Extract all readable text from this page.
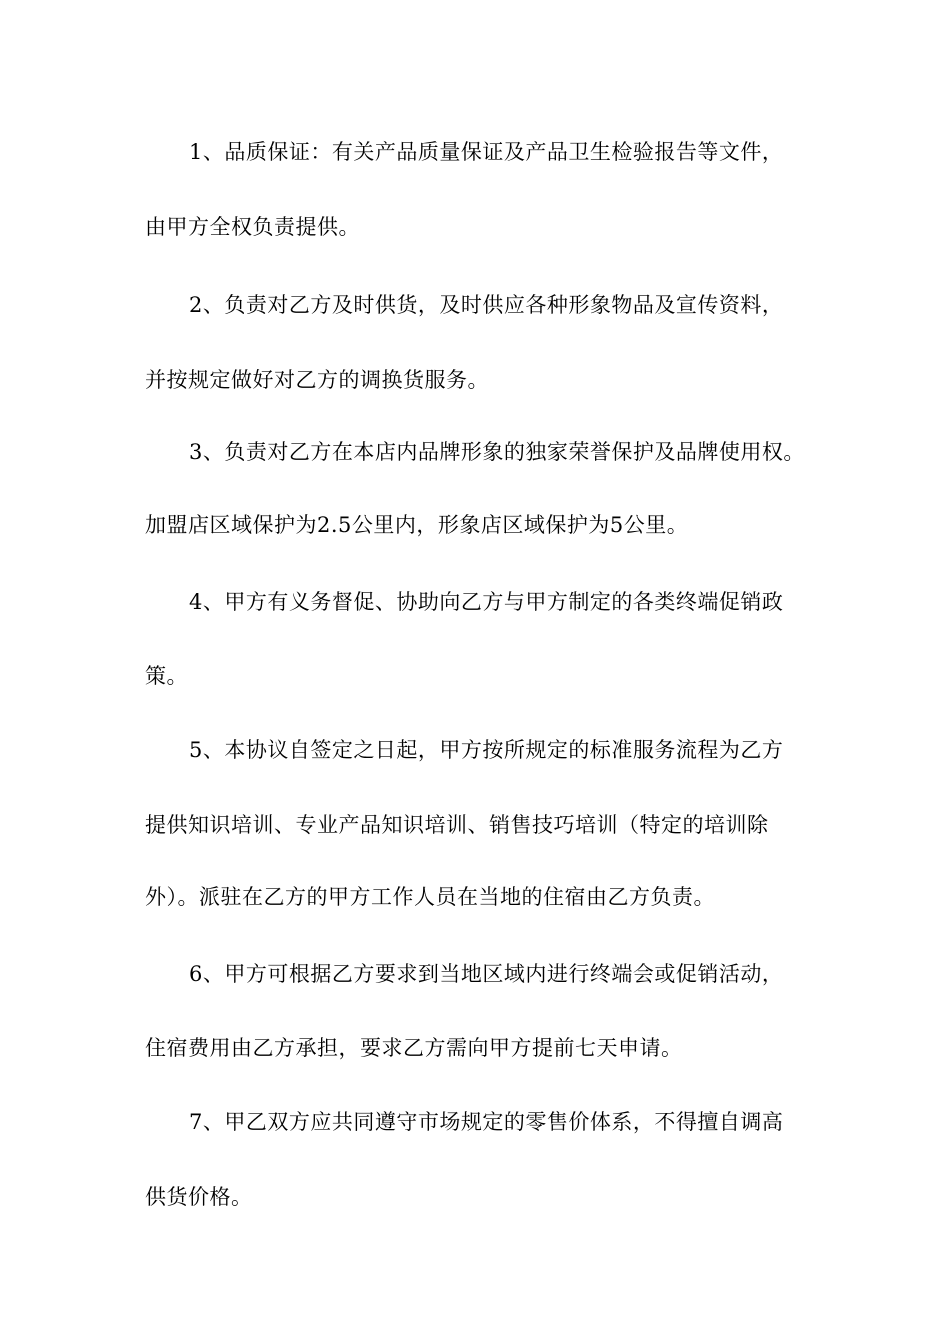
1、品质保证：有关产品质量保证及产品卫生检验报告等文件，
由甲方全权负责提供。
2、负责对乙方及时供货，及时供应各种形象物品及宣传资料，
并按规定做好对乙方的调换货服务。
3、负责对乙方在本店内品牌形象的独家荣誉保护及品牌使用权。
加盟店区域保护为2.5公里内，形象店区域保护为5公里。
4、甲方有义务督促、协助向乙方与甲方制定的各类终端促销政
策。
5、本协议自签定之日起，甲方按所规定的标准服务流程为乙方
提供知识培训、专业产品知识培训、销售技巧培训（特定的培训除
外）。派驻在乙方的甲方工作人员在当地的住宿由乙方负责。
6、甲方可根据乙方要求到当地区域内进行终端会或促销活动，
住宿费用由乙方承担，要求乙方需向甲方提前七天申请。
7、甲乙双方应共同遵守市场规定的零售价体系，不得擅自调高
供货价格。
